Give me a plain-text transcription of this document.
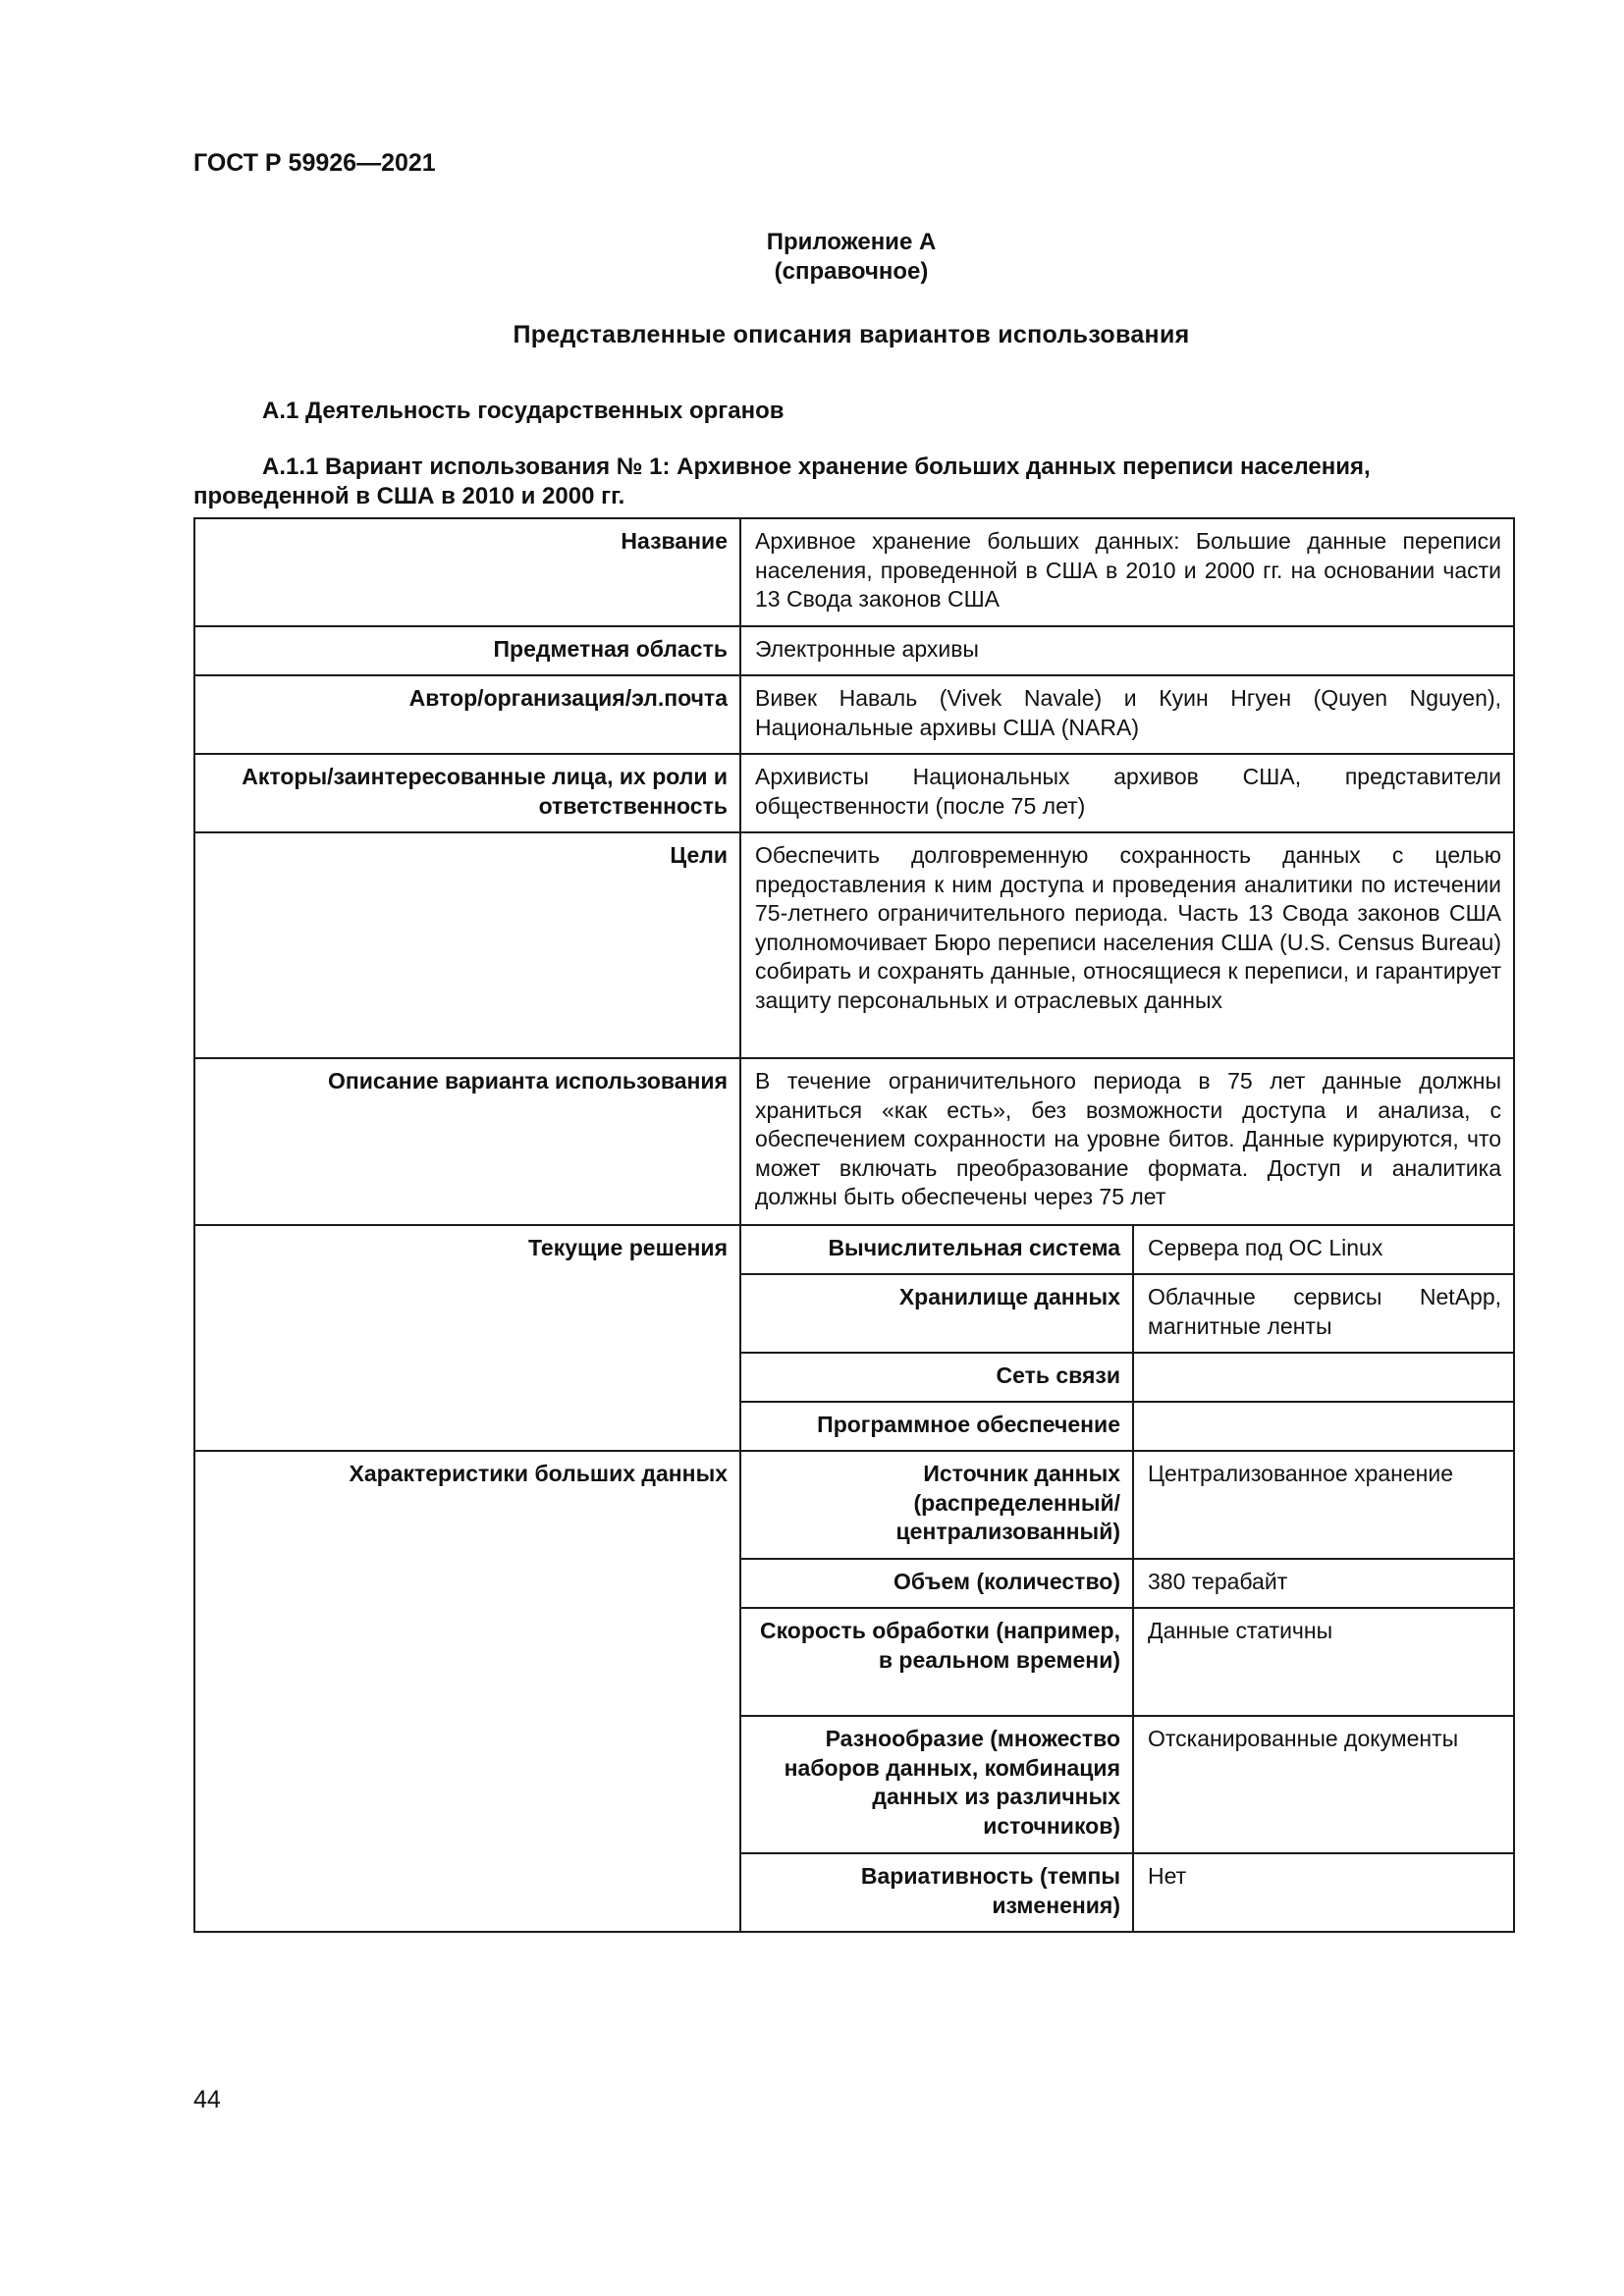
ГОСТ Р 59926—2021

Приложение А

(справочное)

Представленные описания вариантов использования

А.1 Деятельность государственных органов

А.1.1 Вариант использования № 1: Архивное хранение больших данных переписи населения, проведенной в США в 2010 и 2000 гг.

Название	Архивное хранение больших данных: Большие данные переписи населения, проведенной в США в 2010 и 2000 гг. на основании части 13 Свода законов США	
Предметная область	Электронные архивы	
Автор/организация/эл.почта	Вивек Наваль (Vivek Navale) и Куин Нгуен (Quyen Nguyen), Национальные архивы США (NARA)	
Акторы/заинтересованные лица, их роли и ответственность	Архивисты Национальных архивов США, представители общественности (после 75 лет)	
Цели	Обеспечить долговременную сохранность данных с целью предоставления к ним доступа и проведения аналитики по истечении 75-летнего ограничительного периода. Часть 13 Свода законов США уполномочивает Бюро переписи населения США (U.S. Census Bureau) собирать и сохранять данные, относящиеся к переписи, и гарантирует защиту персональных и отраслевых данных	
Описание варианта использования	В течение ограничительного периода в 75 лет данные должны храниться «как есть», без возможности доступа и анализа, с обеспечением сохранности на уровне битов. Данные курируются, что может включать преобразование формата. Доступ и аналитика должны быть обеспечены через 75 лет	
Текущие решения	Вычислительная система	Сервера под ОС Linux
	Хранилище данных	Облачные сервисы NetApp, магнитные ленты
	Сеть связи	
	Программное обеспечение	
Характеристики больших данных	Источник данных (распределенный/ централизованный)	Централизованное хранение
	Объем (количество)	380 терабайт
	Скорость обработки (например, в реальном времени)	Данные статичны
	Разнообразие (множество наборов данных, комбинация данных из различных источников)	Отсканированные документы
	Вариативность (темпы изменения)	Нет

44
